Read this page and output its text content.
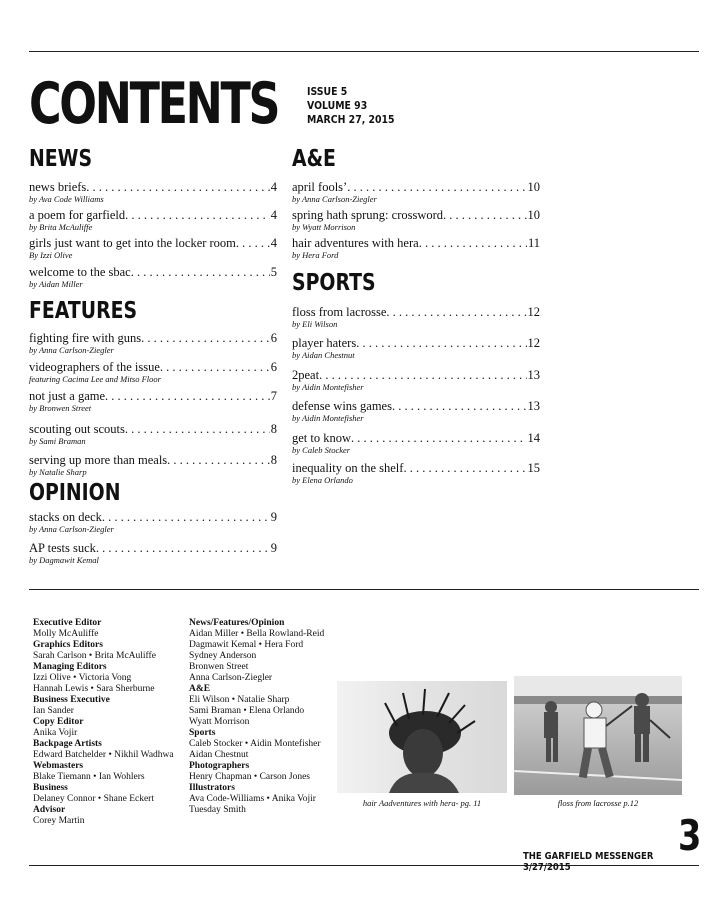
CONTENTS	ISSUE 5
VOLUME 93
MARCH 27, 2015
NEWS
FEATURES
OPINION
A&E
SPORTS
news briefs . . .	4
by Ava Code Williams
a poem for garfield . . .	4
by Brita McAuliffe
girls just want to get into the locker room . . .	4
By Izzi Olive
welcome to the sbac . . .	5
by Aidan Miller
fighting fire with guns . . .	6
by Anna Carlson-Ziegler
videographers of the issue . . .	6
featuring Cacima Lee and Mitso Floor
not just a game . . .	7
by Bronwen Street
scouting out scouts . . .	8
by Sami Braman
serving up more than meals . . .	8
by Natalie Sharp
stacks on deck . . .	9
by Anna Carlson-Ziegler
AP tests suck . . .	9
by Dagmawit Kemal
april fools’ . . .	10
by Anna Carlson-Ziegler
spring hath sprung: crossword . . .	10
by Wyatt Morrison
hair adventures with hera . . .	11
by Hera Ford
floss from lacrosse . . .	12
by Eli Wilson
player haters . . .	12
by Aidan Chestnut
2peat . . .	13
by Aidin Montefisher
defense wins games . . .	13
by Aidin Montefisher
get to know . . .	14
by Caleb Stocker
inequality on the shelf . . .	15
by Elena Orlando
Executive Editor
Molly McAuliffe
Graphics Editors
Sarah Carlson • Brita McAuliffe
Managing Editors
Izzi Olive • Victoria Vong
Hannah Lewis • Sara Sherburne
Business Executive
Ian Sander
Copy Editor
Anika Vojir
Backpage Artists
Edward Batchelder • Nikhil Wadhwa
Webmasters
Blake Tiemann • Ian Wohlers
Business
Delaney Connor • Shane Eckert
Advisor
Corey Martin
News/Features/Opinion
Aidan Miller • Bella Rowland-Reid
Dagmawit Kemal • Hera Ford
Sydney Anderson
Bronwen Street
Anna Carlson-Ziegler
A&E
Eli Wilson • Natalie Sharp
Sami Braman • Elena Orlando
Wyatt Morrison
Sports
Caleb Stocker • Aidin Montefisher
Aidan Chestnut
Photographers
Henry Chapman • Carson Jones
Illustrators
Ava Code-Williams • Anika Vojir
Tuesday Smith
hair Aadventures with hera- pg. 11	floss from lacrosse p.12
THE GARFIELD MESSENGER 3/27/2015
3
